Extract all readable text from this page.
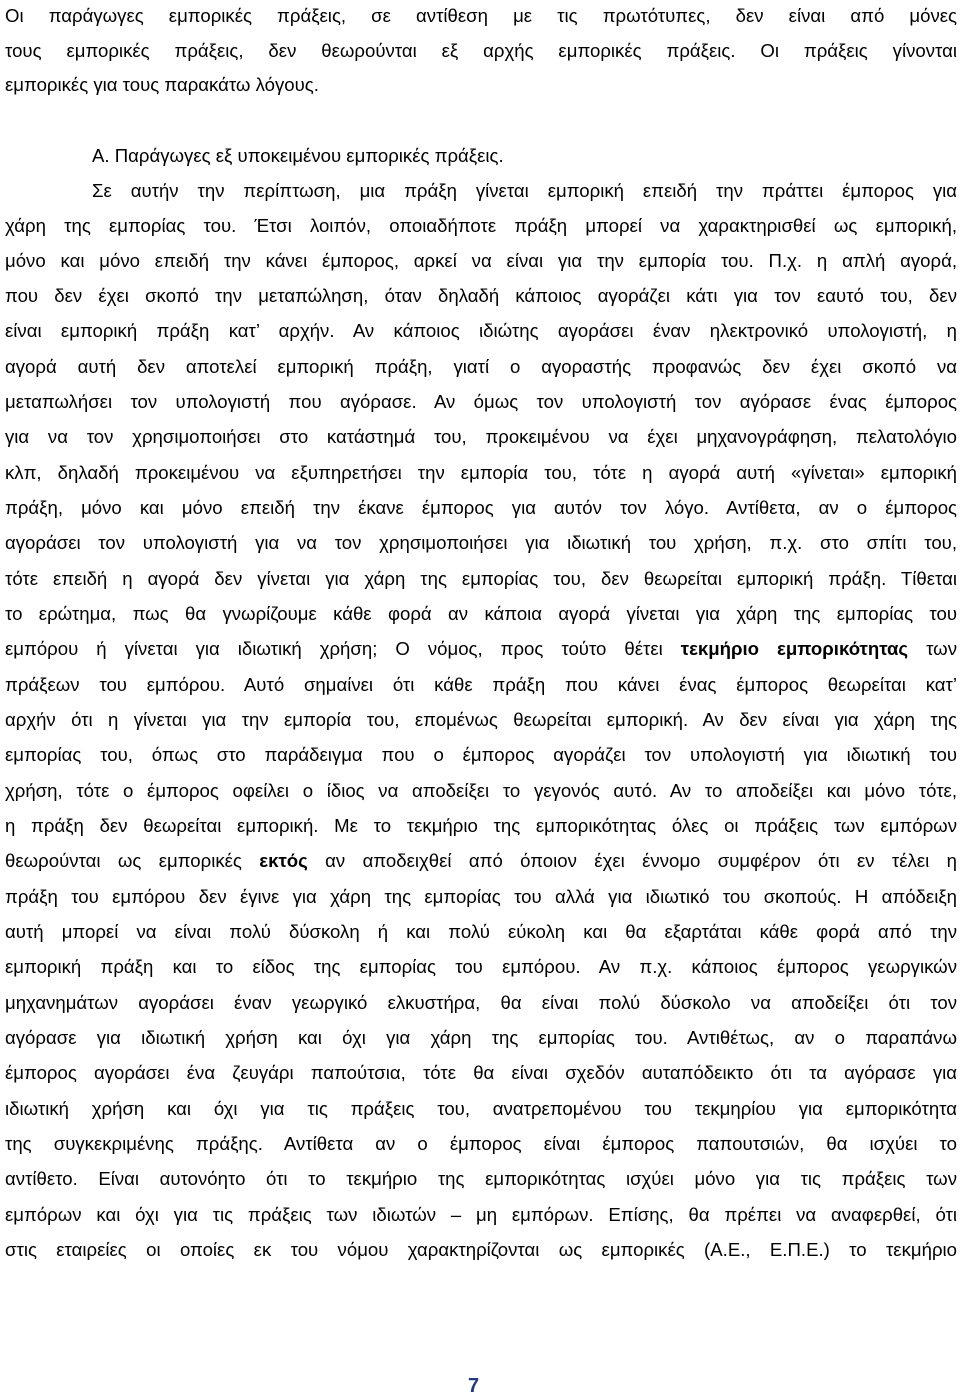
Οι παράγωγες εμπορικές πράξεις, σε αντίθεση με τις πρωτότυπες, δεν είναι από μόνες
τους εμπορικές πράξεις, δεν θεωρούνται εξ αρχής εμπορικές πράξεις. Οι πράξεις γίνονται
εμπορικές για τους παρακάτω λόγους.
Α. Παράγωγες εξ υποκειμένου εμπορικές πράξεις.
Σε αυτήν την περίπτωση, μια πράξη γίνεται εμπορική επειδή την πράττει έμπορος για
χάρη της εμπορίας του. Έτσι λοιπόν, οποιαδήποτε πράξη μπορεί να χαρακτηρισθεί ως εμπορική,
μόνο και μόνο επειδή την κάνει έμπορος, αρκεί να είναι για την εμπορία του. Π.χ. η απλή αγορά,
που δεν έχει σκοπό την μεταπώληση, όταν δηλαδή κάποιος αγοράζει κάτι για τον εαυτό του, δεν
είναι εμπορική πράξη κατ’ αρχήν. Αν κάποιος ιδιώτης αγοράσει έναν ηλεκτρονικό υπολογιστή, η
αγορά αυτή δεν αποτελεί εμπορική πράξη, γιατί ο αγοραστής προφανώς δεν έχει σκοπό να
μεταπωλήσει τον υπολογιστή που αγόρασε. Αν όμως τον υπολογιστή τον αγόρασε ένας έμπορος
για να τον χρησιμοποιήσει στο κατάστημά του, προκειμένου να έχει μηχανογράφηση, πελατολόγιο
κλπ, δηλαδή προκειμένου να εξυπηρετήσει την εμπορία του, τότε η αγορά αυτή «γίνεται» εμπορική
πράξη, μόνο και μόνο επειδή την έκανε έμπορος για αυτόν τον λόγο. Αντίθετα, αν ο έμπορος
αγοράσει τον υπολογιστή για να τον χρησιμοποιήσει για ιδιωτική του χρήση, π.χ. στο σπίτι του,
τότε επειδή η αγορά δεν γίνεται για χάρη της εμπορίας του, δεν θεωρείται εμπορική πράξη. Τίθεται
το ερώτημα, πως θα γνωρίζουμε κάθε φορά αν κάποια αγορά γίνεται για χάρη της εμπορίας του
εμπόρου ή γίνεται για ιδιωτική χρήση; Ο νόμος, προς τούτο θέτει τεκμήριο εμπορικότητας των
πράξεων του εμπόρου. Αυτό σημαίνει ότι κάθε πράξη που κάνει ένας έμπορος θεωρείται κατ’
αρχήν ότι η γίνεται για την εμπορία του, επομένως θεωρείται εμπορική. Αν δεν είναι για χάρη της
εμπορίας του, όπως στο παράδειγμα που ο έμπορος αγοράζει τον υπολογιστή για ιδιωτική του
χρήση, τότε ο έμπορος οφείλει ο ίδιος να αποδείξει το γεγονός αυτό. Αν το αποδείξει και μόνο τότε,
η πράξη δεν θεωρείται εμπορική. Με το τεκμήριο της εμπορικότητας όλες οι πράξεις των εμπόρων
θεωρούνται ως εμπορικές εκτός αν αποδειχθεί από όποιον έχει έννομο συμφέρον ότι εν τέλει η
πράξη του εμπόρου δεν έγινε για χάρη της εμπορίας του αλλά για ιδιωτικό του σκοπούς. Η απόδειξη
αυτή μπορεί να είναι πολύ δύσκολη ή και πολύ εύκολη και θα εξαρτάται κάθε φορά από την
εμπορική πράξη και το είδος της εμπορίας του εμπόρου. Αν π.χ. κάποιος έμπορος γεωργικών
μηχανημάτων αγοράσει έναν γεωργικό ελκυστήρα, θα είναι πολύ δύσκολο να αποδείξει ότι τον
αγόρασε για ιδιωτική χρήση και όχι για χάρη της εμπορίας του. Αντιθέτως, αν ο παραπάνω
έμπορος αγοράσει ένα ζευγάρι παπούτσια, τότε θα είναι σχεδόν αυταπόδεικτο ότι τα αγόρασε για
ιδιωτική χρήση και όχι για τις πράξεις του, ανατρεπομένου του τεκμηρίου για εμπορικότητα
της συγκεκριμένης πράξης. Αντίθετα αν ο έμπορος είναι έμπορος παπουτσιών, θα ισχύει το
αντίθετο. Είναι αυτονόητο ότι το τεκμήριο της εμπορικότητας ισχύει μόνο για τις πράξεις των
εμπόρων και όχι για τις πράξεις των ιδιωτών – μη εμπόρων. Επίσης, θα πρέπει να αναφερθεί, ότι
στις εταιρείες οι οποίες εκ του νόμου χαρακτηρίζονται ως εμπορικές (Α.Ε., Ε.Π.Ε.) το τεκμήριο
7
